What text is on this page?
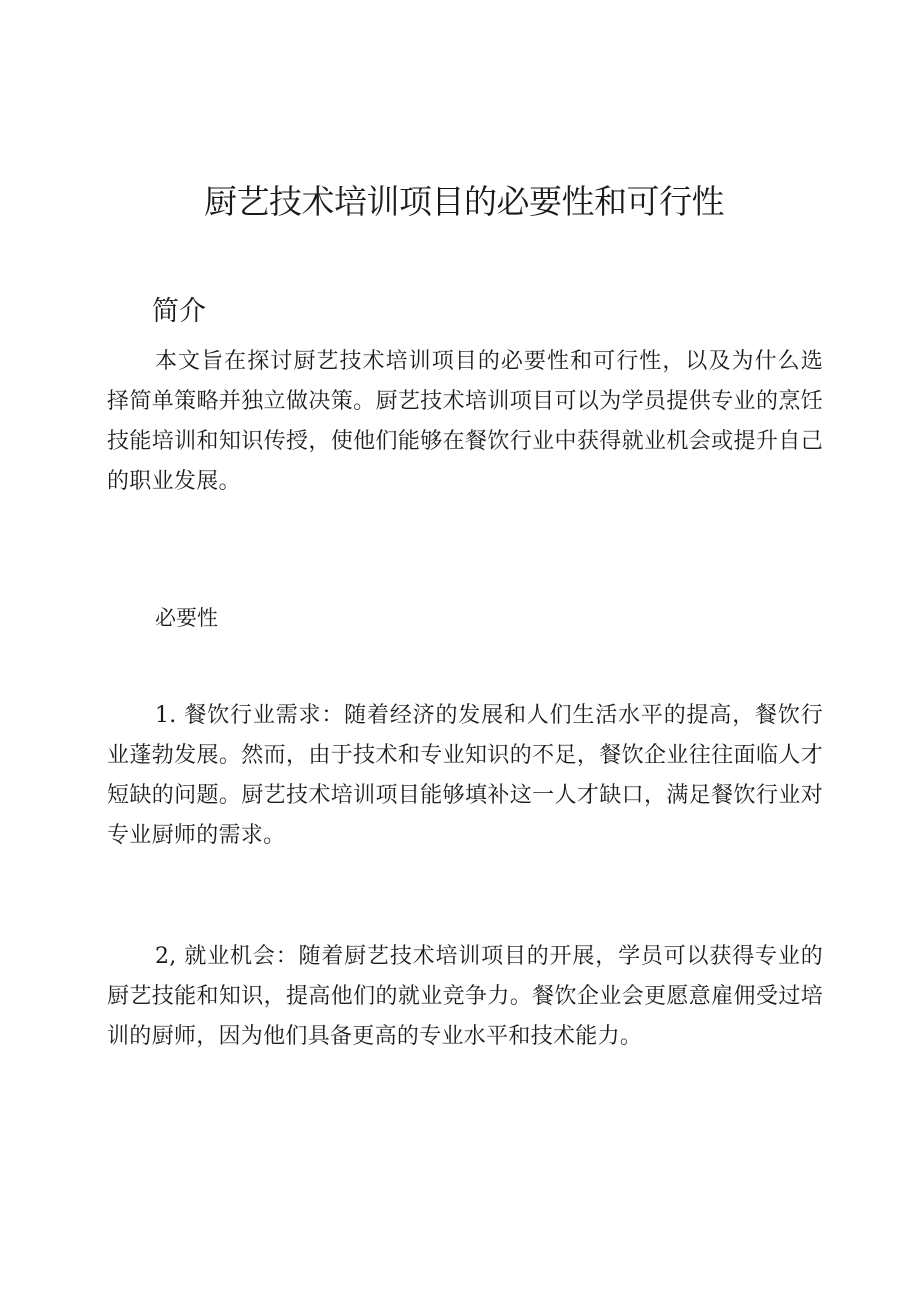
厨艺技术培训项目的必要性和可行性
简介

本文旨在探讨厨艺技术培训项目的必要性和可行性，以及为什么选择简单策略并独立做决策。厨艺技术培训项目可以为学员提供专业的烹饪技能培训和知识传授，使他们能够在餐饮行业中获得就业机会或提升自己的职业发展。

必要性

1. 餐饮行业需求：随着经济的发展和人们生活水平的提高，餐饮行业蓬勃发展。然而，由于技术和专业知识的不足，餐饮企业往往面临人才短缺的问题。厨艺技术培训项目能够填补这一人才缺口，满足餐饮行业对专业厨师的需求。

2, 就业机会：随着厨艺技术培训项目的开展，学员可以获得专业的厨艺技能和知识，提高他们的就业竞争力。餐饮企业会更愿意雇佣受过培训的厨师，因为他们具备更高的专业水平和技术能力。
